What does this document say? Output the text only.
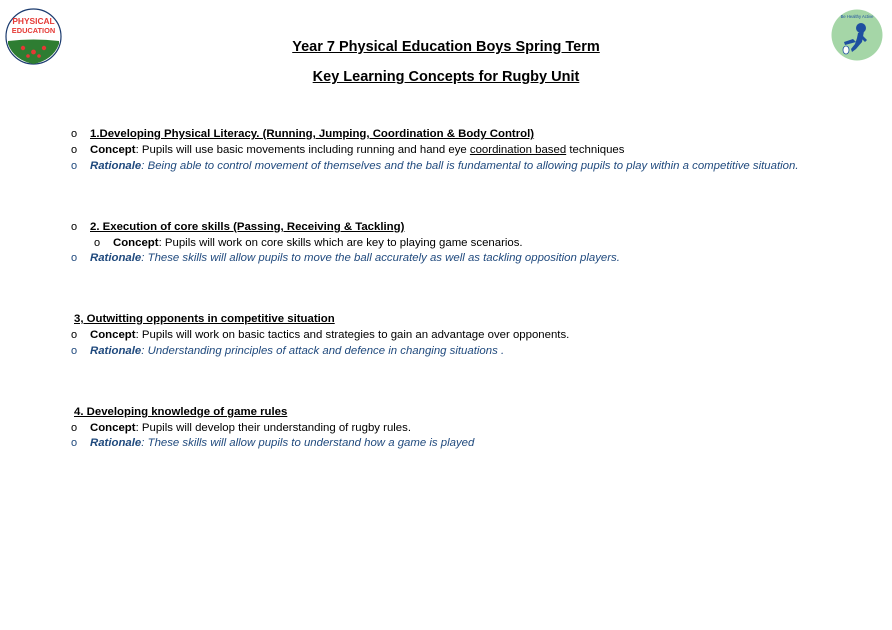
PHYSICAL
EDUCATION
Be Healthy Active
Year 7 Physical Education Boys Spring Term
Key Learning Concepts for Rugby Unit
o 1.Developing Physical Literacy. (Running, Jumping, Coordination & Body Control)
o Concept: Pupils will use basic movements including running and hand eye coordination based techniques
o Rationale: Being able to control movement of themselves and the ball is fundamental to allowing pupils to play within a competitive situation.
o 2. Execution of core skills (Passing, Receiving & Tackling)
o Concept: Pupils will work on core skills which are key to playing game scenarios.
o Rationale: These skills will allow pupils to move the ball accurately as well as tackling opposition players.
3, Outwitting opponents in competitive situation
o Concept: Pupils will work on basic tactics and strategies to gain an advantage over opponents.
o Rationale: Understanding principles of attack and defence in changing situations .
4. Developing knowledge of game rules
o Concept: Pupils will develop their understanding of rugby rules.
o Rationale: These skills will allow pupils to understand how a game is played
